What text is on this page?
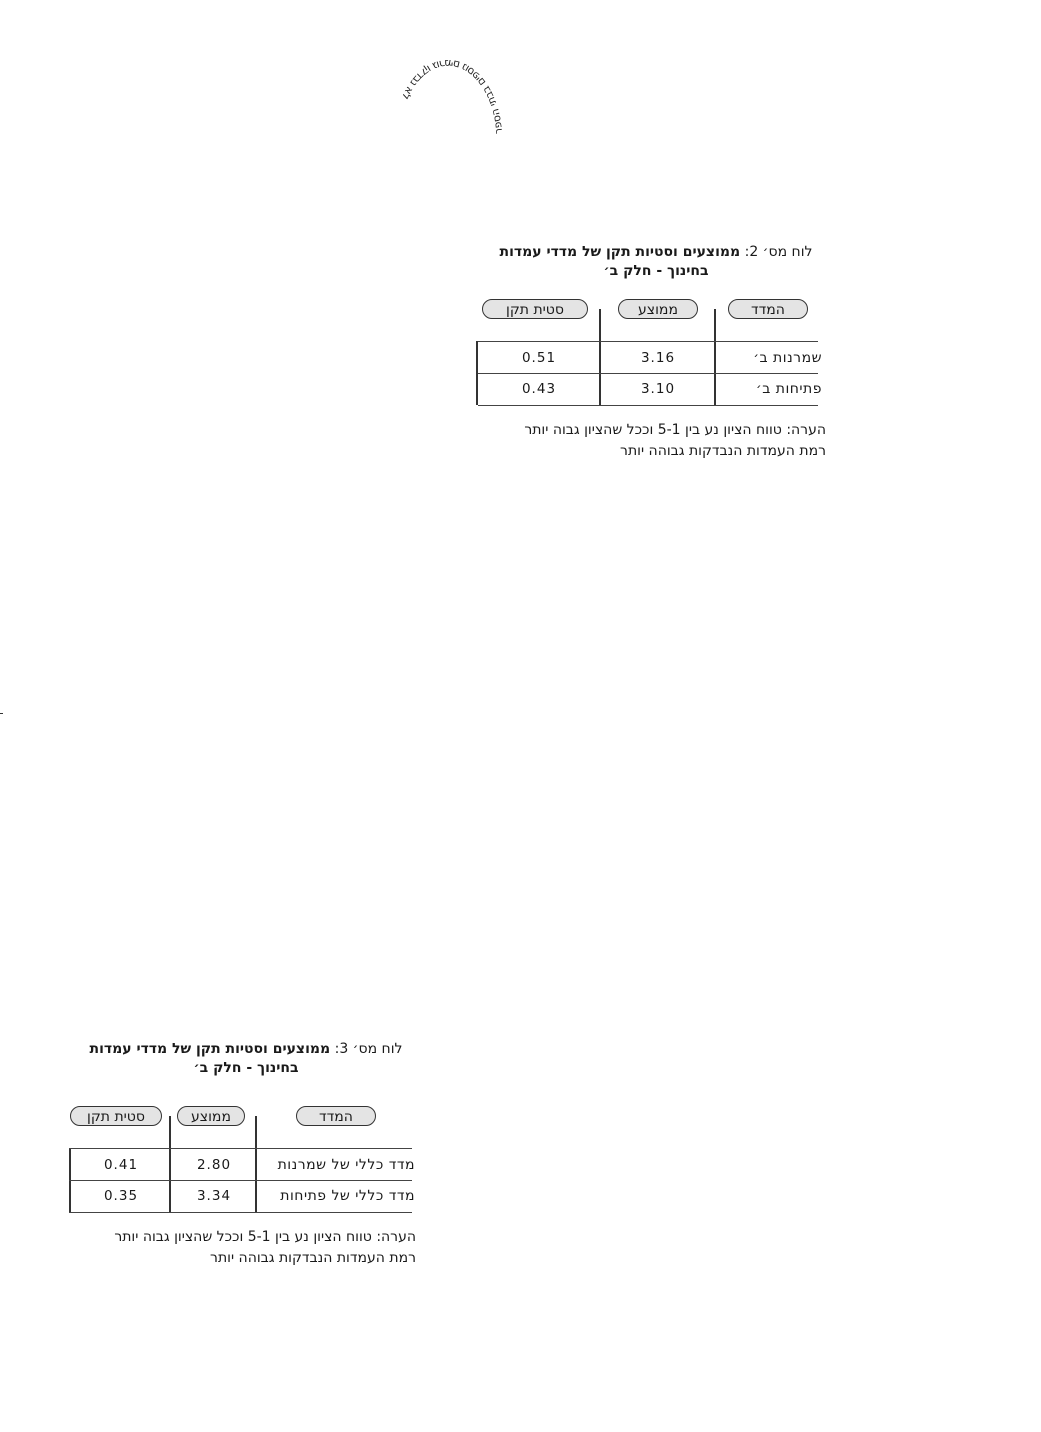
לא נבדקו גורמים נוספים בבתי הספר
לוח מס׳ 2: ממוצעים וסטיות תקן של מדדי עמדות בחינוך - חלק ב׳
המדד
ממוצע
סטית תקן
שמרנות ב׳
3.16
0.51
פתיחות ב׳
3.10
0.43
הערה: טווח הציון נע בין 5-1 וככל שהציון גבוה יותר
רמת העמדות הנבדקות גבוהה יותר
לוח מס׳ 3: ממוצעים וסטיות תקן של מדדי עמדות בחינוך - חלק ב׳
המדד
ממוצע
סטית תקן
מדד כללי של שמרנות
2.80
0.41
מדד כללי של פתיחות
3.34
0.35
הערה: טווח הציון נע בין 5-1 וככל שהציון גבוה יותר
רמת העמדות הנבדקות גבוהה יותר
